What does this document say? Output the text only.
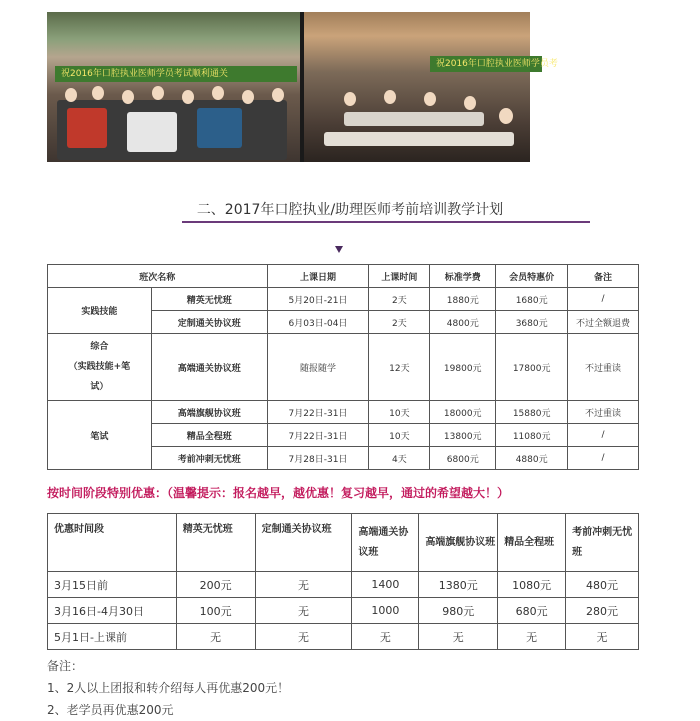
祝2016年口腔执业医师学员考试顺利通关
祝2016年口腔执业医师学员考
二、2017年口腔执业/助理医师考前培训教学计划
班次名称		上课日期	上课时间	标准学费	会员特惠价	备注
实践技能	精英无忧班	5月20日-21日	2天	1880元	1680元	/
	定制通关协议班	6月03日-04日	2天	4800元	3680元	不过全额退费
综合
（实践技能+笔
试）	高端通关协议班	随报随学	12天	19800元	17800元	不过重读
笔试	高端旗舰协议班	7月22日-31日	10天	18000元	15880元	不过重读
	精品全程班	7月22日-31日	10天	13800元	11080元	/
	考前冲刺无忧班	7月28日-31日	4天	6800元	4880元	/
按时间阶段特别优惠：（温馨提示：报名越早，越优惠！复习越早，通过的希望越大！）
优惠时间段	精英无忧班	定制通关协议班	高端通关协议班	高端旗舰协议班	精品全程班	考前冲刺无忧班
3月15日前	200元	无	1400	1380元	1080元	480元
3月16日-4月30日	100元	无	1000	980元	680元	280元
5月1日-上课前	无	无	无	无	无	无
备注：
1、2人以上团报和转介绍每人再优惠200元！
2、老学员再优惠200元
